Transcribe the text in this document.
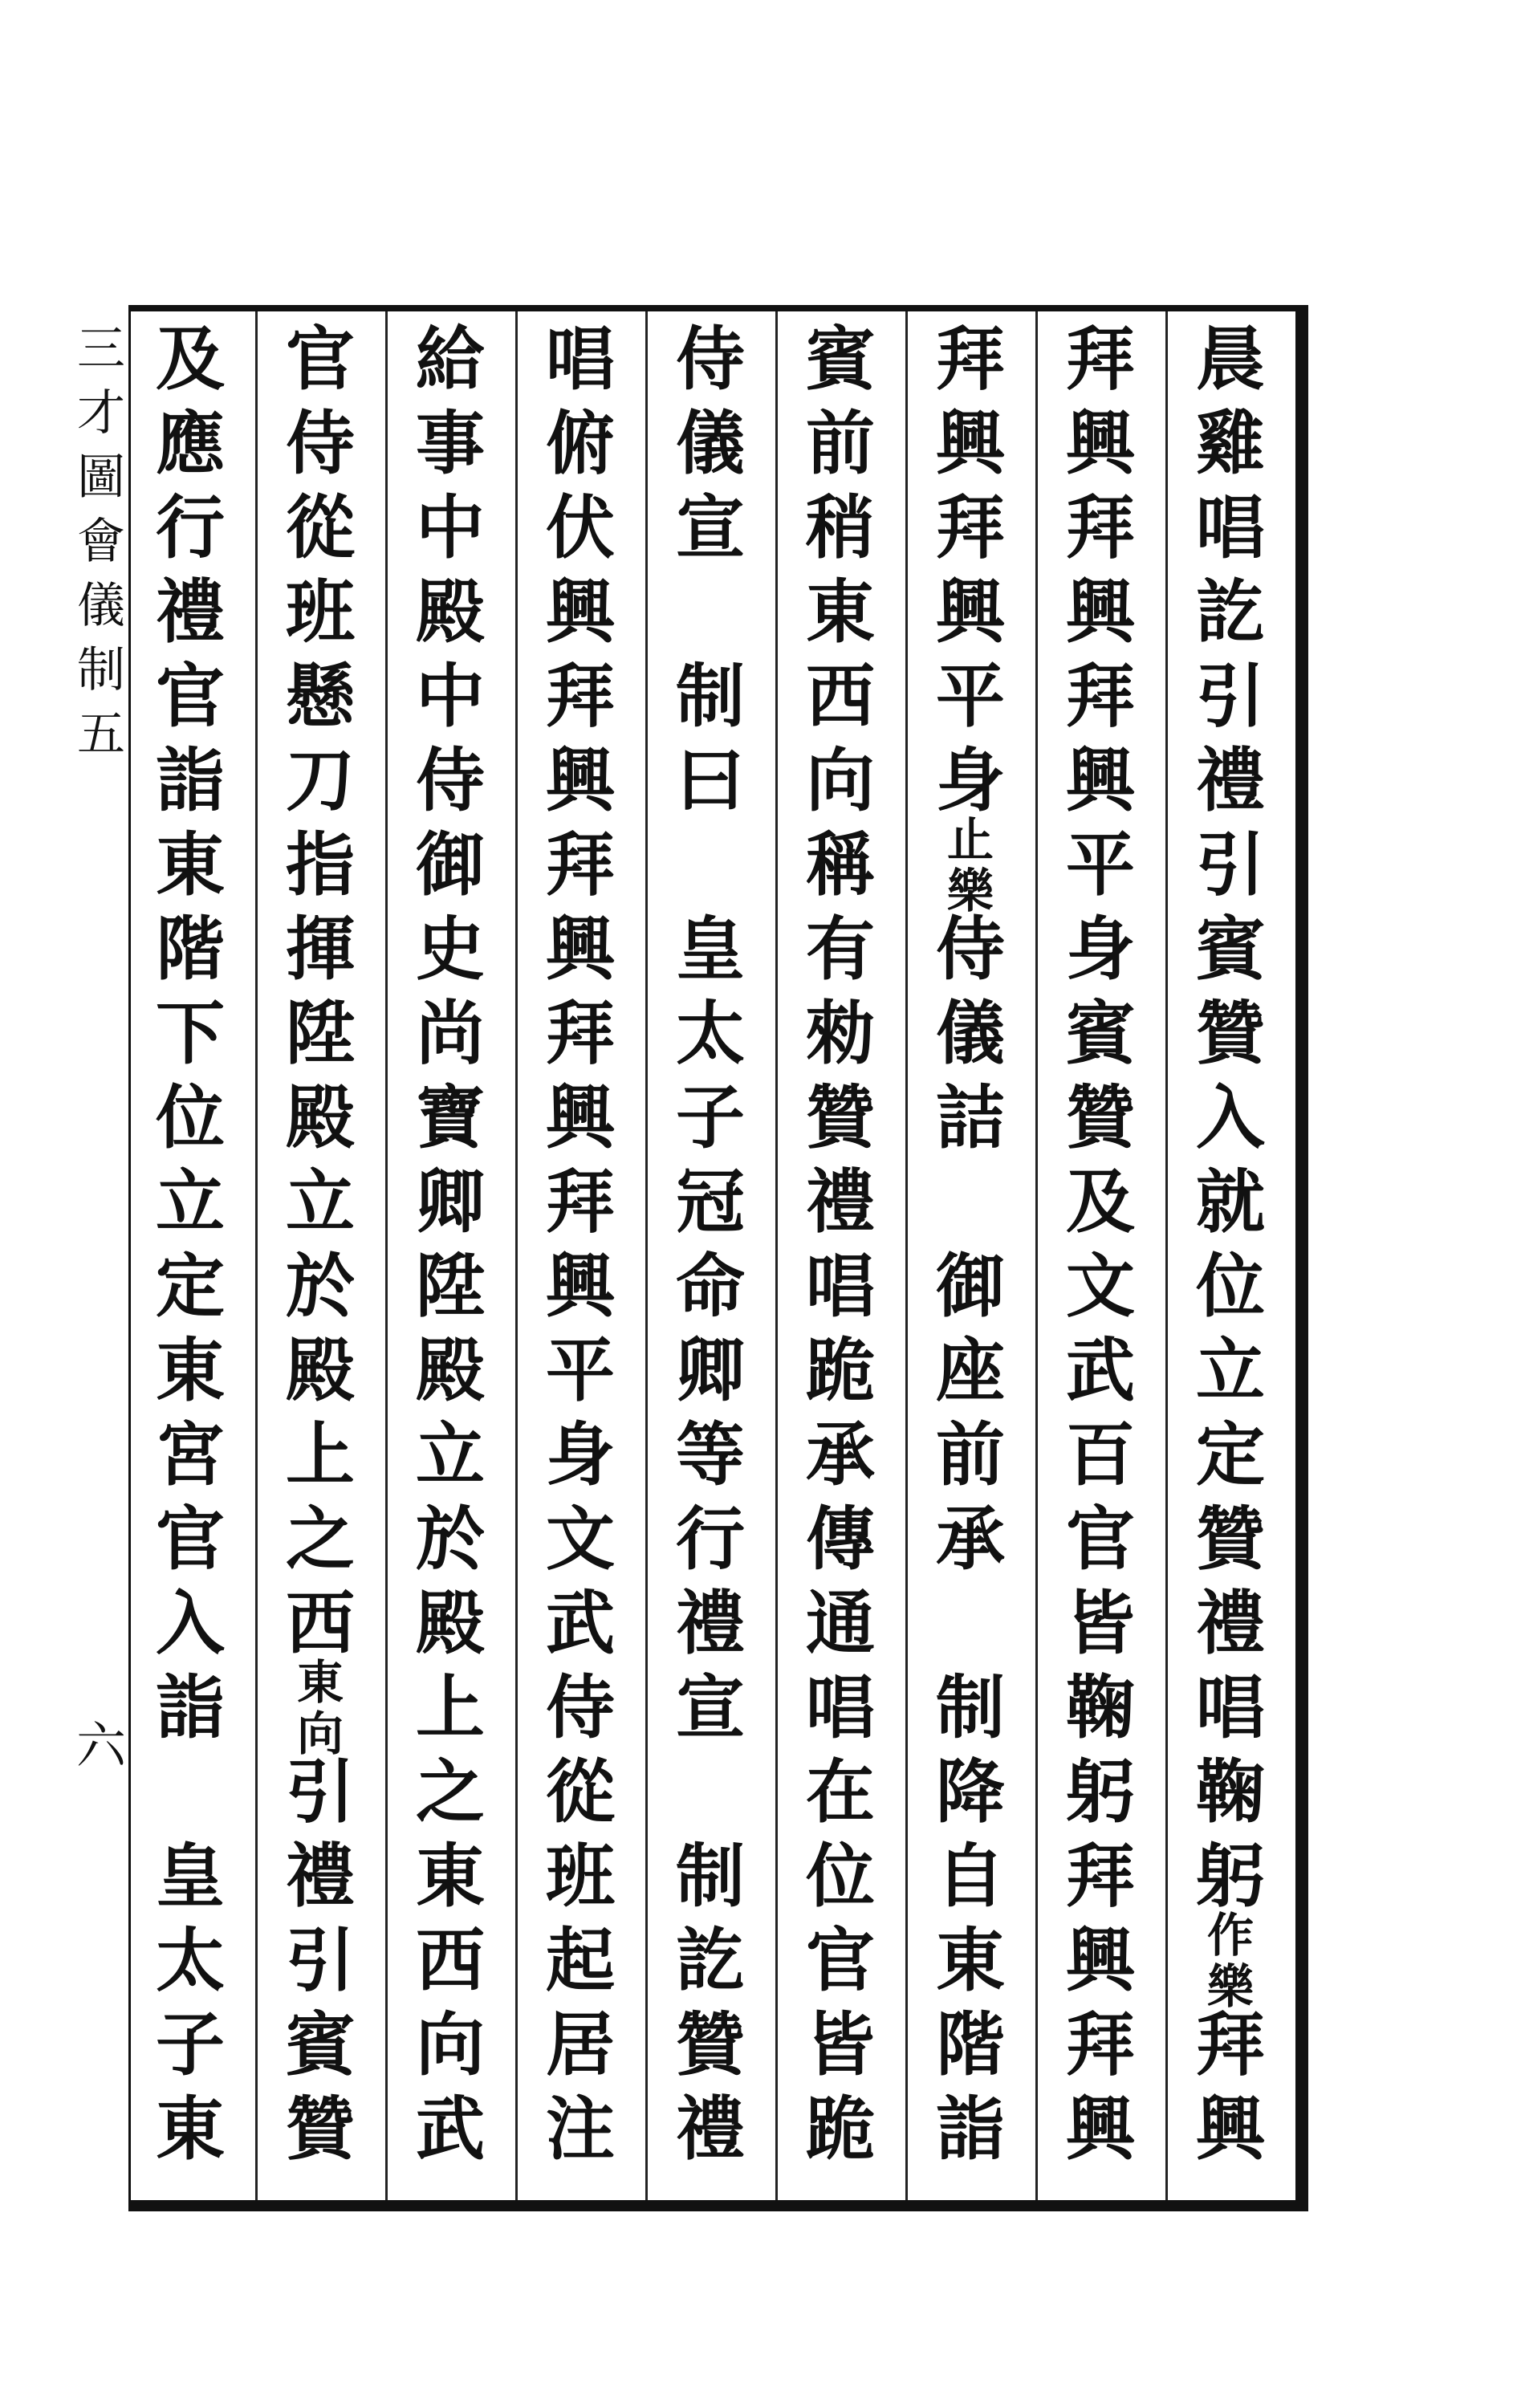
三
才
圖
會
儀
制
五
六
晨
雞
唱
訖
引
禮
引
賓
贊
入
就
位
立
定
贊
禮
唱
鞠
躬
作
樂
拜
興
拜
興
拜
興
拜
興
平
身
賓
贊
及
文
武
百
官
皆
鞠
躬
拜
興
拜
興
拜
興
拜
興
平
身
止
樂
侍
儀
詰
御
座
前
承
制
降
自
東
階
詣
賓
前
稍
東
西
向
稱
有
勑
贊
禮
唱
跪
承
傳
通
唱
在
位
官
皆
跪
侍
儀
宣
制
曰
皇
太
子
冠
命
卿
等
行
禮
宣
制
訖
贊
禮
唱
俯
伏
興
拜
興
拜
興
拜
興
拜
興
平
身
文
武
侍
從
班
起
居
注
給
事
中
殿
中
侍
御
史
尚
寶
卿
陞
殿
立
於
殿
上
之
東
西
向
武
官
侍
從
班
懸
刀
指
揮
陞
殿
立
於
殿
上
之
西
東
向
引
禮
引
賓
贊
及
應
行
禮
官
詣
東
階
下
位
立
定
東
宮
官
入
詣
皇
太
子
東
